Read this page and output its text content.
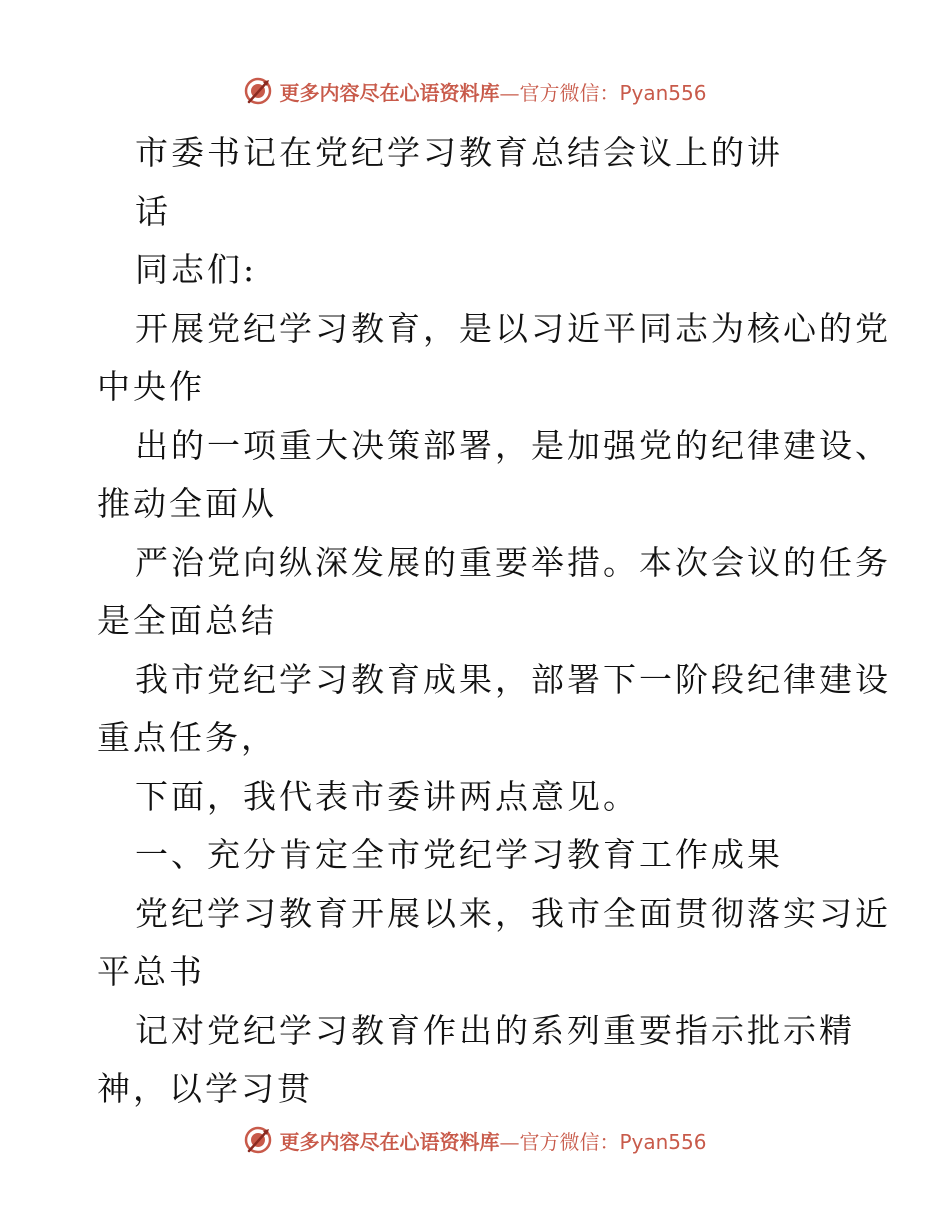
更多内容尽在心语资料库—官方微信：Pyan556
市委书记在党纪学习教育总结会议上的讲
话
同志们:
开展党纪学习教育，是以习近平同志为核心的党
中央作
出的一项重大决策部署，是加强党的纪律建设、
推动全面从
严治党向纵深发展的重要举措。本次会议的任务
是全面总结
我市党纪学习教育成果，部署下一阶段纪律建设
重点任务，
下面，我代表市委讲两点意见。
一、充分肯定全市党纪学习教育工作成果
党纪学习教育开展以来，我市全面贯彻落实习近
平总书
记对党纪学习教育作出的系列重要指示批示精
神，以学习贯
更多内容尽在心语资料库—官方微信：Pyan556
